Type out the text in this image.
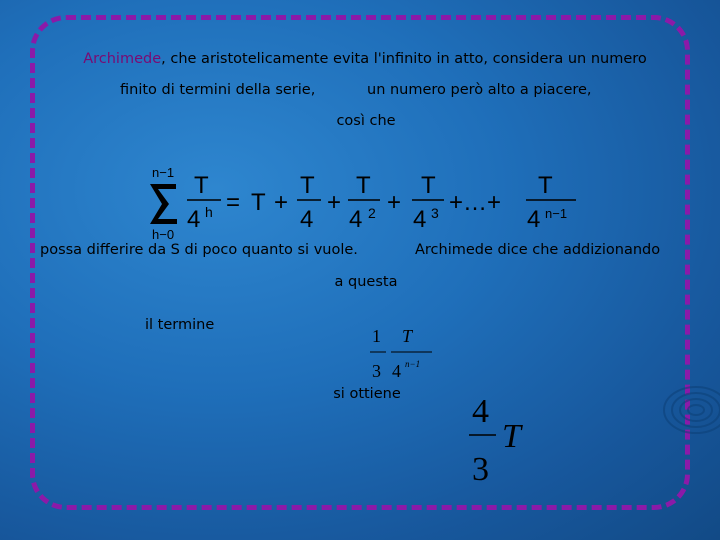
Archimede, che aristotelicamente evita l'infinito in atto, considera un numero
finito di termini della serie,	un numero però alto a piacere,
così che
n−1
h−0
T
4 h = T +
T
4
+
T
4 2 +
T
4 3 +…+
T
4 n−1
possa differire da S di poco quanto si vuole.	Archimede dice che addizionando
a questa
il termine
1
3
T
4 n−1
si ottiene 4
3
T
